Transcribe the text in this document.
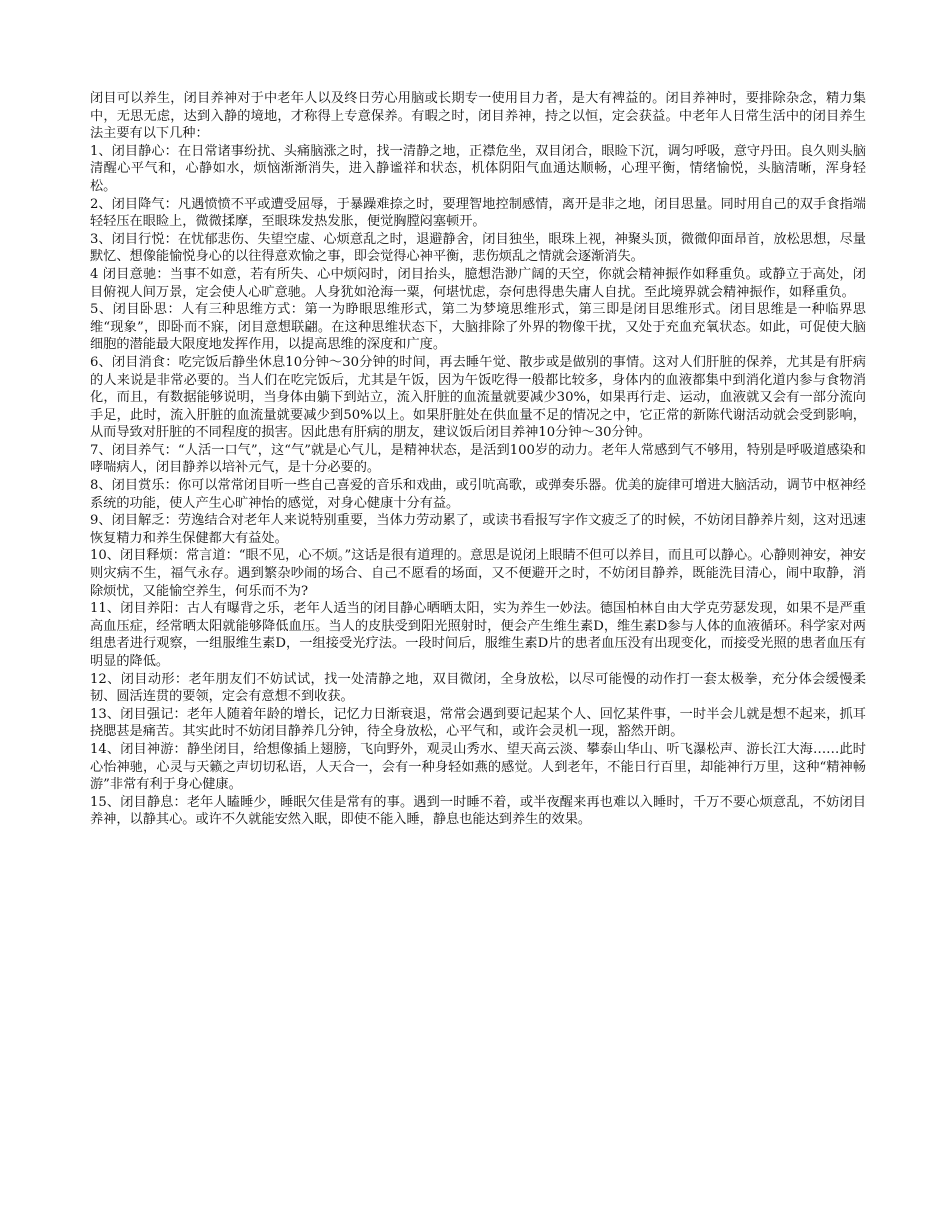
闭目可以养生，闭目养神对于中老年人以及终日劳心用脑或长期专一使用目力者，是大有裨益的。闭目养神时，要排除杂念，精力集中，无思无虑，达到入静的境地，才称得上专意保养。有暇之时，闭目养神，持之以恒，定会获益。中老年人日常生活中的闭目养生法主要有以下几种：

1、闭目静心：在日常诸事纷扰、头痛脑涨之时，找一清静之地，正襟危坐，双目闭合，眼睑下沉，调匀呼吸，意守丹田。良久则头脑清醒心平气和，心静如水，烦恼渐渐消失，进入静谧祥和状态，机体阴阳气血通达顺畅，心理平衡，情绪愉悦，头脑清晰，浑身轻松。

2、闭目降气：凡遇愤愤不平或遭受屈辱，于暴躁难捺之时，要理智地控制感情，离开是非之地，闭目思量。同时用自己的双手食指端轻轻压在眼睑上，微微揉摩，至眼珠发热发胀，便觉胸膛闷塞顿开。

3、闭目行悦：在忧郁悲伤、失望空虚、心烦意乱之时，退避静舍，闭目独坐，眼珠上视，神聚头顶，微微仰面昂首，放松思想，尽量默忆、想像能愉悦身心的以往得意欢愉之事，即会觉得心神平衡，悲伤烦乱之情就会逐渐消失。

4 闭目意驰：当事不如意，若有所失、心中烦闷时，闭目抬头，臆想浩渺广阔的天空，你就会精神振作如释重负。或静立于高处，闭目俯视人间万景，定会使人心旷意驰。人身犹如沧海一粟，何堪忧虑，奈何患得患失庸人自扰。至此境界就会精神振作，如释重负。

5、闭目卧思：人有三种思维方式：第一为睁眼思维形式，第二为梦境思维形式，第三即是闭目思维形式。闭目思维是一种临界思维“现象”，即卧而不寐，闭目意想联翩。在这种思维状态下，大脑排除了外界的物像干扰，又处于充血充氧状态。如此，可促使大脑细胞的潜能最大限度地发挥作用，以提高思维的深度和广度。

6、闭目消食：吃完饭后静坐休息10分钟～30分钟的时间，再去睡午觉、散步或是做别的事情。这对人们肝脏的保养，尤其是有肝病的人来说是非常必要的。当人们在吃完饭后，尤其是午饭，因为午饭吃得一般都比较多，身体内的血液都集中到消化道内参与食物消化，而且，有数据能够说明，当身体由躺下到站立，流入肝脏的血流量就要减少30%，如果再行走、运动，血液就又会有一部分流向手足，此时，流入肝脏的血流量就要减少到50%以上。如果肝脏处在供血量不足的情况之中，它正常的新陈代谢活动就会受到影响，从而导致对肝脏的不同程度的损害。因此患有肝病的朋友，建议饭后闭目养神10分钟～30分钟。

7、闭目养气：“人活一口气”，这“气”就是心气儿，是精神状态，是活到100岁的动力。老年人常感到气不够用，特别是呼吸道感染和哮喘病人，闭目静养以培补元气，是十分必要的。

8、闭目赏乐：你可以常常闭目听一些自己喜爱的音乐和戏曲，或引吭高歌，或弹奏乐器。优美的旋律可增进大脑活动，调节中枢神经系统的功能，使人产生心旷神怡的感觉，对身心健康十分有益。

9、闭目解乏：劳逸结合对老年人来说特别重要，当体力劳动累了，或读书看报写字作文疲乏了的时候，不妨闭目静养片刻，这对迅速恢复精力和养生保健都大有益处。

10、闭目释烦：常言道：“眼不见，心不烦。”这话是很有道理的。意思是说闭上眼睛不但可以养目，而且可以静心。心静则神安，神安则灾病不生，福气永存。遇到繁杂吵闹的场合、自己不愿看的场面，又不便避开之时，不妨闭目静养，既能洗目清心，闹中取静，消除烦忧，又能愉空养生，何乐而不为?

11、闭目养阳：古人有曝背之乐，老年人适当的闭目静心晒晒太阳，实为养生一妙法。德国柏林自由大学克劳瑟发现，如果不是严重高血压症，经常晒太阳就能够降低血压。当人的皮肤受到阳光照射时，便会产生维生素D，维生素D参与人体的血液循环。科学家对两组患者进行观察，一组服维生素D，一组接受光疗法。一段时间后，服维生素D片的患者血压没有出现变化，而接受光照的患者血压有明显的降低。

12、闭目动形：老年朋友们不妨试试，找一处清静之地，双目微闭，全身放松，以尽可能慢的动作打一套太极拳，充分体会缓慢柔韧、圆活连贯的要领，定会有意想不到收获。

13、闭目强记：老年人随着年龄的增长，记忆力日渐衰退，常常会遇到要记起某个人、回忆某件事，一时半会儿就是想不起来，抓耳挠腮甚是痛苦。其实此时不妨闭目静养几分钟，待全身放松，心平气和，或许会灵机一现，豁然开朗。

14、闭目神游：静坐闭目，给想像插上翅膀，飞向野外，观灵山秀水、望天高云淡、攀泰山华山、听飞瀑松声、游长江大海……此时心怡神驰，心灵与天籁之声切切私语，人天合一，会有一种身轻如燕的感觉。人到老年，不能日行百里，却能神行万里，这种“精神畅游”非常有利于身心健康。

15、闭目静息：老年人瞌睡少，睡眠欠佳是常有的事。遇到一时睡不着，或半夜醒来再也难以入睡时，千万不要心烦意乱，不妨闭目养神，以静其心。或许不久就能安然入眠，即使不能入睡，静息也能达到养生的效果。
